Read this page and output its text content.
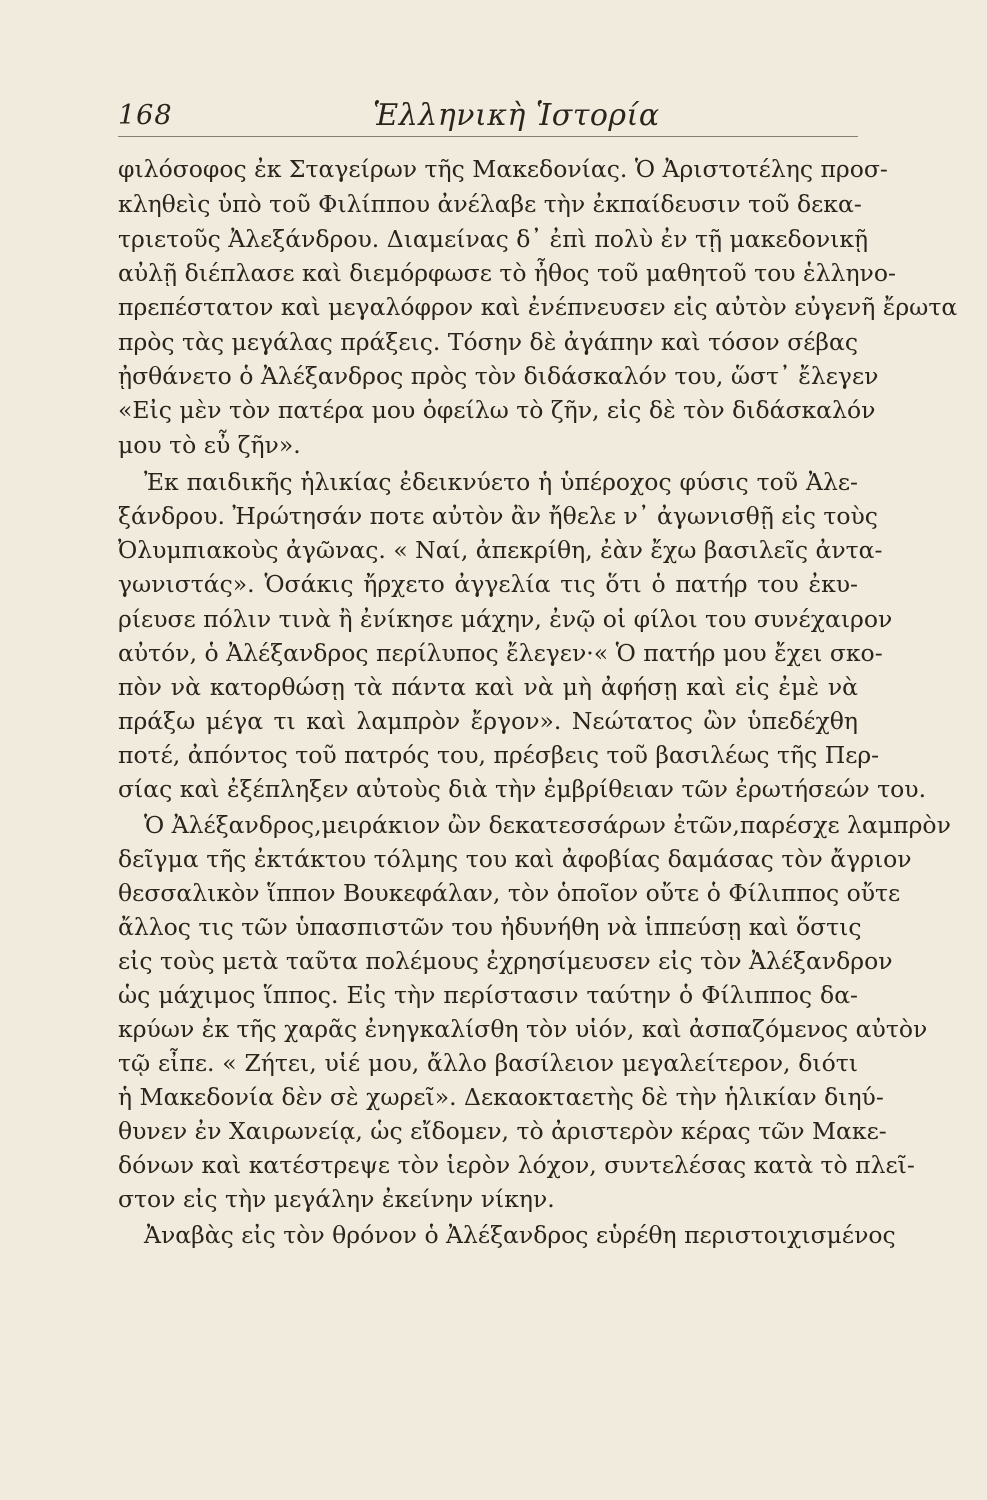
168	Ἑλληνικὴ Ἱστορία
φιλόσοφος ἐκ Σταγείρων τῆς Μακεδονίας. Ὁ Ἀριστοτέλης προσ-
κληθεὶς ὑπὸ τοῦ Φιλίππου ἀνέλαβε τὴν ἐκπαίδευσιν τοῦ δεκα-
τριετοῦς Ἀλεξάνδρου. Διαμείνας δ᾽ ἐπὶ πολὺ ἐν τῇ μακεδονικῇ
αὐλῇ διέπλασε καὶ διεμόρφωσε τὸ ἦθος τοῦ μαθητοῦ του ἑλληνο-
πρεπέστατον καὶ μεγαλόφρον καὶ ἐνέπνευσεν εἰς αὐτὸν εὐγενῆ ἔρωτα
πρὸς τὰς μεγάλας πράξεις. Τόσην δὲ ἀγάπην καὶ τόσον σέβας
ᾐσθάνετο ὁ Ἀλέξανδρος πρὸς τὸν διδάσκαλόν του, ὥστ᾽ ἔλεγεν
«Εἰς μὲν τὸν πατέρα μου ὀφείλω τὸ ζῆν, εἰς δὲ τὸν διδάσκαλόν
μου τὸ εὖ ζῆν».
Ἐκ παιδικῆς ἡλικίας ἐδεικνύετο ἡ ὑπέροχος φύσις τοῦ Ἀλε-
ξάνδρου. Ἠρώτησάν ποτε αὐτὸν ἂν ἤθελε ν᾽ ἀγωνισθῇ εἰς τοὺς
Ὀλυμπιακοὺς ἀγῶνας. « Ναί, ἀπεκρίθη, ἐὰν ἔχω βασιλεῖς ἀντα-
γωνιστάς». Ὁσάκις ἤρχετο ἀγγελία τις ὅτι ὁ πατήρ του ἐκυ-
ρίευσε πόλιν τινὰ ἢ ἐνίκησε μάχην, ἐνῷ οἱ φίλοι του συνέχαιρον
αὐτόν, ὁ Ἀλέξανδρος περίλυπος ἔλεγεν·« Ὁ πατήρ μου ἔχει σκο-
πὸν νὰ κατορθώσῃ τὰ πάντα καὶ νὰ μὴ ἀφήσῃ καὶ εἰς ἐμὲ νὰ
πράξω μέγα τι καὶ λαμπρὸν ἔργον». Νεώτατος ὢν ὑπεδέχθη
ποτέ, ἀπόντος τοῦ πατρός του, πρέσβεις τοῦ βασιλέως τῆς Περ-
σίας καὶ ἐξέπληξεν αὐτοὺς διὰ τὴν ἐμβρίθειαν τῶν ἐρωτήσεών του.
Ὁ Ἀλέξανδρος,μειράκιον ὢν δεκατεσσάρων ἐτῶν,παρέσχε λαμπρὸν
δεῖγμα τῆς ἐκτάκτου τόλμης του καὶ ἀφοβίας δαμάσας τὸν ἄγριον
θεσσαλικὸν ἵππον Βουκεφάλαν, τὸν ὁποῖον οὔτε ὁ Φίλιππος οὔτε
ἄλλος τις τῶν ὑπασπιστῶν του ἠδυνήθη νὰ ἱππεύσῃ καὶ ὅστις
εἰς τοὺς μετὰ ταῦτα πολέμους ἐχρησίμευσεν εἰς τὸν Ἀλέξανδρον
ὡς μάχιμος ἵππος. Εἰς τὴν περίστασιν ταύτην ὁ Φίλιππος δα-
κρύων ἐκ τῆς χαρᾶς ἐνηγκαλίσθη τὸν υἱόν, καὶ ἀσπαζόμενος αὐτὸν
τῷ εἶπε. « Ζήτει, υἱέ μου, ἄλλο βασίλειον μεγαλείτερον, διότι
ἡ Μακεδονία δὲν σὲ χωρεῖ». Δεκαοκταετὴς δὲ τὴν ἡλικίαν διηύ-
θυνεν ἐν Χαιρωνείᾳ, ὡς εἴδομεν, τὸ ἀριστερὸν κέρας τῶν Μακε-
δόνων καὶ κατέστρεψε τὸν ἱερὸν λόχον, συντελέσας κατὰ τὸ πλεῖ-
στον εἰς τὴν μεγάλην ἐκείνην νίκην.
Ἀναβὰς εἰς τὸν θρόνον ὁ Ἀλέξανδρος εὑρέθη περιστοιχισμένος
